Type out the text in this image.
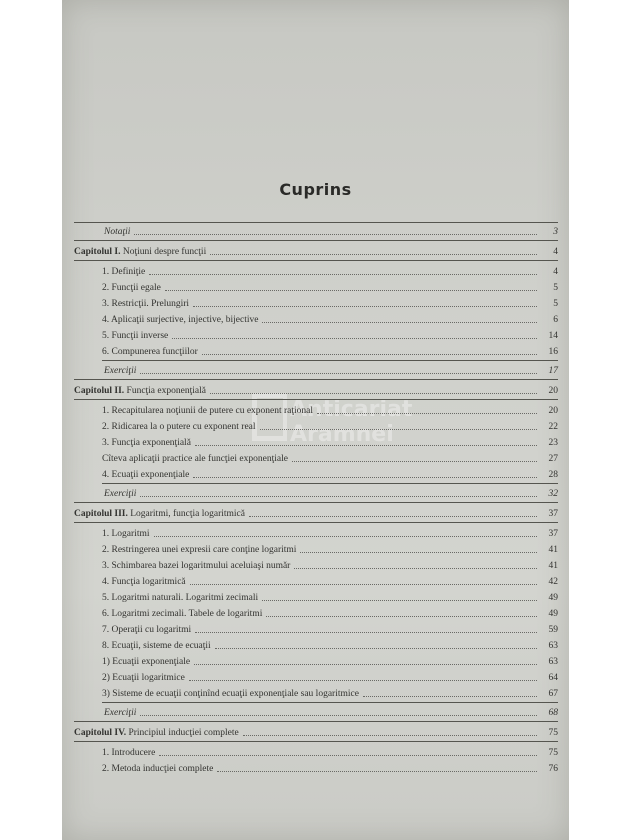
Cuprins
Anticariat Aramnei
Notaţii	3
Capitolul I. Noţiuni despre funcţii	4
1. Definiţie	4
2. Funcţii egale	5
3. Restricţii. Prelungiri	5
4. Aplicaţii surjective, injective, bijective	6
5. Funcţii inverse	14
6. Compunerea funcţiilor	16
Exerciţii	17
Capitolul II. Funcţia exponenţială	20
1. Recapitularea noţiunii de putere cu exponent raţional	20
2. Ridicarea la o putere cu exponent real	22
3. Funcţia exponenţială	23
Cîteva aplicaţii practice ale funcţiei exponenţiale	27
4. Ecuaţii exponenţiale	28
Exerciţii	32
Capitolul III. Logaritmi, funcţia logaritmică	37
1. Logaritmi	37
2. Restringerea unei expresii care conţine logaritmi	41
3. Schimbarea bazei logaritmului aceluiaşi număr	41
4. Funcţia logaritmică	42
5. Logaritmi naturali. Logaritmi zecimali	49
6. Logaritmi zecimali. Tabele de logaritmi	49
7. Operaţii cu logaritmi	59
8. Ecuaţii, sisteme de ecuaţii	63
1) Ecuaţii exponenţiale	63
2) Ecuaţii logaritmice	64
3) Sisteme de ecuaţii conţinînd ecuaţii exponenţiale sau logaritmice	67
Exerciţii	68
Capitolul IV. Principiul inducţiei complete	75
1. Introducere	75
2. Metoda inducţiei complete	76
